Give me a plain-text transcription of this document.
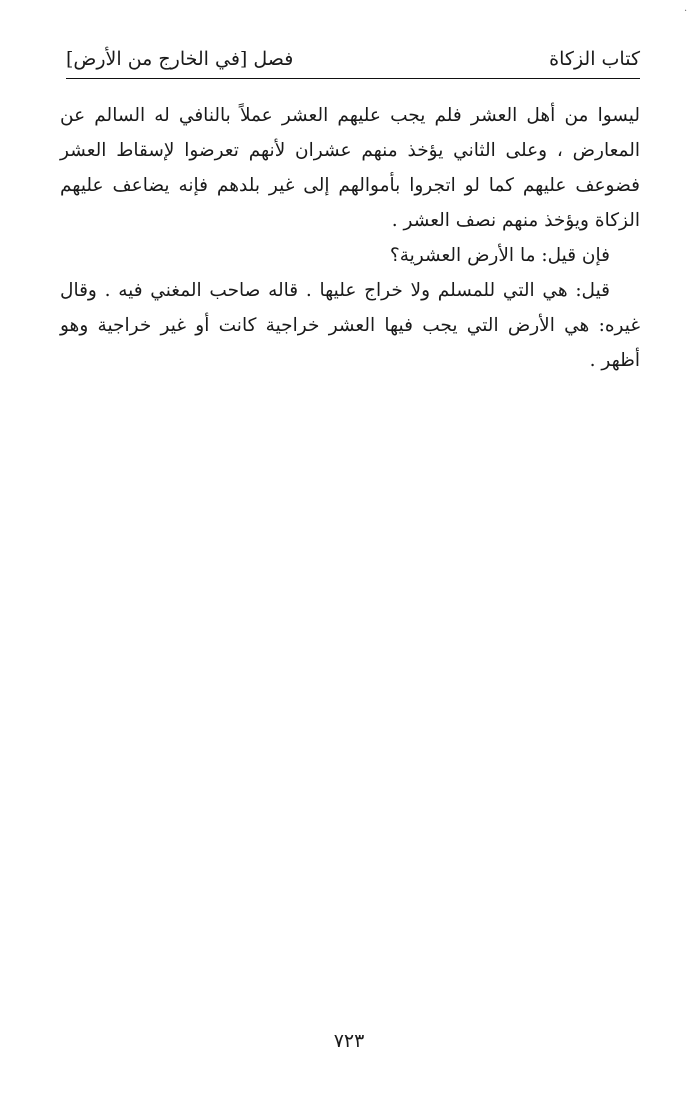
·
كتاب الزكاة
فصل [في الخارج من الأرض]

ليسوا من أهل العشر فلم يجب عليهم العشر عملاً بالنافي له السالم عن المعارض ، وعلى الثاني يؤخذ منهم عشران لأنهم تعرضوا لإسقاط العشر فضوعف عليهم كما لو اتجروا بأموالهم إلى غير بلدهم فإنه يضاعف عليهم الزكاة ويؤخذ منهم نصف العشر .

فإن قيل: ما الأرض العشرية؟

قيل: هي التي للمسلم ولا خراج عليها . قاله صاحب المغني فيه . وقال غيره: هي الأرض التي يجب فيها العشر خراجية كانت أو غير خراجية وهو أظهر .

٧٢٣
